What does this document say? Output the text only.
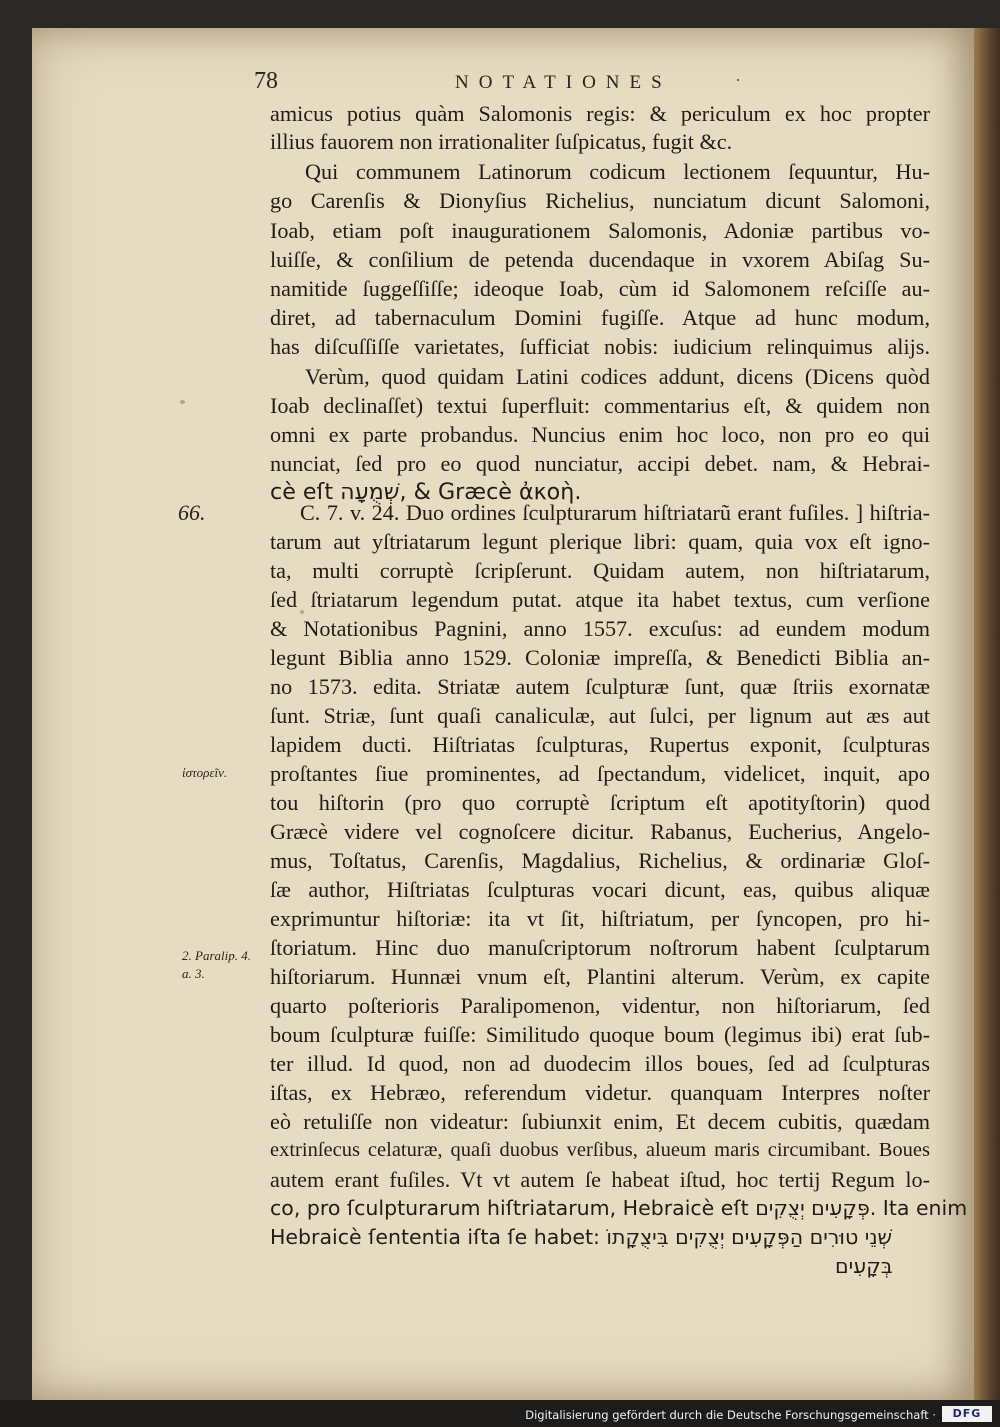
78	NOTATIONES	·
amicus potius quàm Salomonis regis: & periculum ex hoc propter
illius fauorem non irrationaliter ſuſpicatus, fugit &c.
Qui communem Latinorum codicum lectionem ſequuntur, Hu-
go Carenſis & Dionyſius Richelius, nunciatum dicunt Salomoni,
Ioab, etiam poſt inaugurationem Salomonis, Adoniæ partibus vo-
luiſſe, & conſilium de petenda ducendaque in vxorem Abiſag Su-
namitide ſuggeſſiſſe; ideoque Ioab, cùm id Salomonem reſciſſe au-
diret, ad tabernaculum Domini fugiſſe. Atque ad hunc modum,
has diſcuſſiſſe varietates, ſufficiat nobis: iudicium relinquimus alijs.
Verùm, quod quidam Latini codices addunt, dicens (Dicens quòd
Ioab declinaſſet) textui ſuperfluit: commentarius eſt, & quidem non
omni ex parte probandus. Nuncius enim hoc loco, non pro eo qui
nunciat, ſed pro eo quod nunciatur, accipi debet. nam, & Hebrai-
cè eſt שְׁמֻעָה, & Græcè ἀκοὴ.
C. 7. v. 24. Duo ordines ſculpturarum hiſtriatarũ erant fuſiles. ] hiſtria-
tarum aut yſtriatarum legunt plerique libri: quam, quia vox eſt igno-
ta, multi corruptè ſcripſerunt. Quidam autem, non hiſtriatarum,
ſed ſtriatarum legendum putat. atque ita habet textus, cum verſione
& Notationibus Pagnini, anno 1557. excuſus: ad eundem modum
legunt Biblia anno 1529. Coloniæ impreſſa, & Benedicti Biblia an-
no 1573. edita. Striatæ autem ſculpturæ ſunt, quæ ſtriis exornatæ
ſunt. Striæ, ſunt quaſi canaliculæ, aut ſulci, per lignum aut æs aut
lapidem ducti. Hiſtriatas ſculpturas, Rupertus exponit, ſculpturas
proſtantes ſiue prominentes, ad ſpectandum, videlicet, inquit, apo
tou hiſtorin (pro quo corruptè ſcriptum eſt apotityſtorin) quod
Græcè videre vel cognoſcere dicitur. Rabanus, Eucherius, Angelo-
mus, Toſtatus, Carenſis, Magdalius, Richelius, & ordinariæ Gloſ-
ſæ author, Hiſtriatas ſculpturas vocari dicunt, eas, quibus aliquæ
exprimuntur hiſtoriæ: ita vt ſit, hiſtriatum, per ſyncopen, pro hi-
ſtoriatum. Hinc duo manuſcriptorum noſtrorum habent ſculptarum
hiſtoriarum. Hunnæi vnum eſt, Plantini alterum. Verùm, ex capite
quarto poſterioris Paralipomenon, videntur, non hiſtoriarum, ſed
boum ſculpturæ fuiſſe: Similitudo quoque boum (legimus ibi) erat ſub-
ter illud. Id quod, non ad duodecim illos boues, ſed ad ſculpturas
iſtas, ex Hebræo, referendum videtur. quanquam Interpres noſter
eò retuliſſe non videatur: ſubiunxit enim, Et decem cubitis, quædam
extrinſecus celaturæ, quaſi duobus verſibus, alueum maris circumibant. Boues
autem erant fuſiles. Vt vt autem ſe habeat iſtud, hoc tertij Regum lo-
co, pro ſculpturarum hiſtriatarum, Hebraicè eſt פְּקָעִים יְצֻקִים. Ita enim
Hebraicè ſententia iſta ſe habet: שְׁנֵי טוּרִים הַפְּקָעִים יְצֻקִים בִּיצֻקָתוֹ
בְּקָעִים
66.
ἱστορεῖν.
2. Paralip. 4.
a. 3.
Digitalisierung gefördert durch die Deutsche Forschungsgemeinschaft ·	DFG
